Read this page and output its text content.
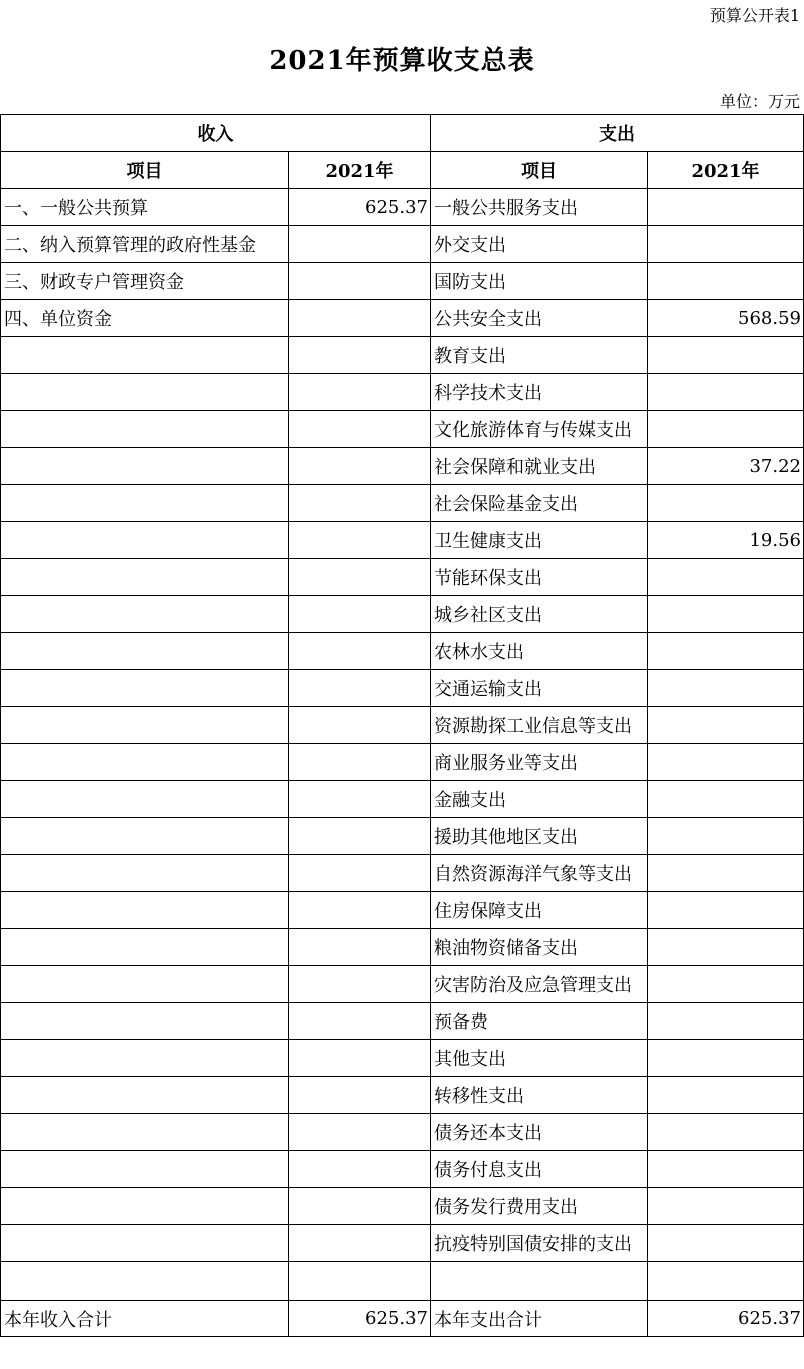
预算公开表1
2021年预算收支总表
单位：万元
收入		支出	
项目	2021年	项目	2021年
一、一般公共预算	625.37	一般公共服务支出	
二、纳入预算管理的政府性基金		外交支出	
三、财政专户管理资金		国防支出	
四、单位资金		公共安全支出	568.59
		教育支出	
		科学技术支出	
		文化旅游体育与传媒支出	
		社会保障和就业支出	37.22
		社会保险基金支出	
		卫生健康支出	19.56
		节能环保支出	
		城乡社区支出	
		农林水支出	
		交通运输支出	
		资源勘探工业信息等支出	
		商业服务业等支出	
		金融支出	
		援助其他地区支出	
		自然资源海洋气象等支出	
		住房保障支出	
		粮油物资储备支出	
		灾害防治及应急管理支出	
		预备费	
		其他支出	
		转移性支出	
		债务还本支出	
		债务付息支出	
		债务发行费用支出	
		抗疫特别国债安排的支出	

本年收入合计	625.37	本年支出合计	625.37
